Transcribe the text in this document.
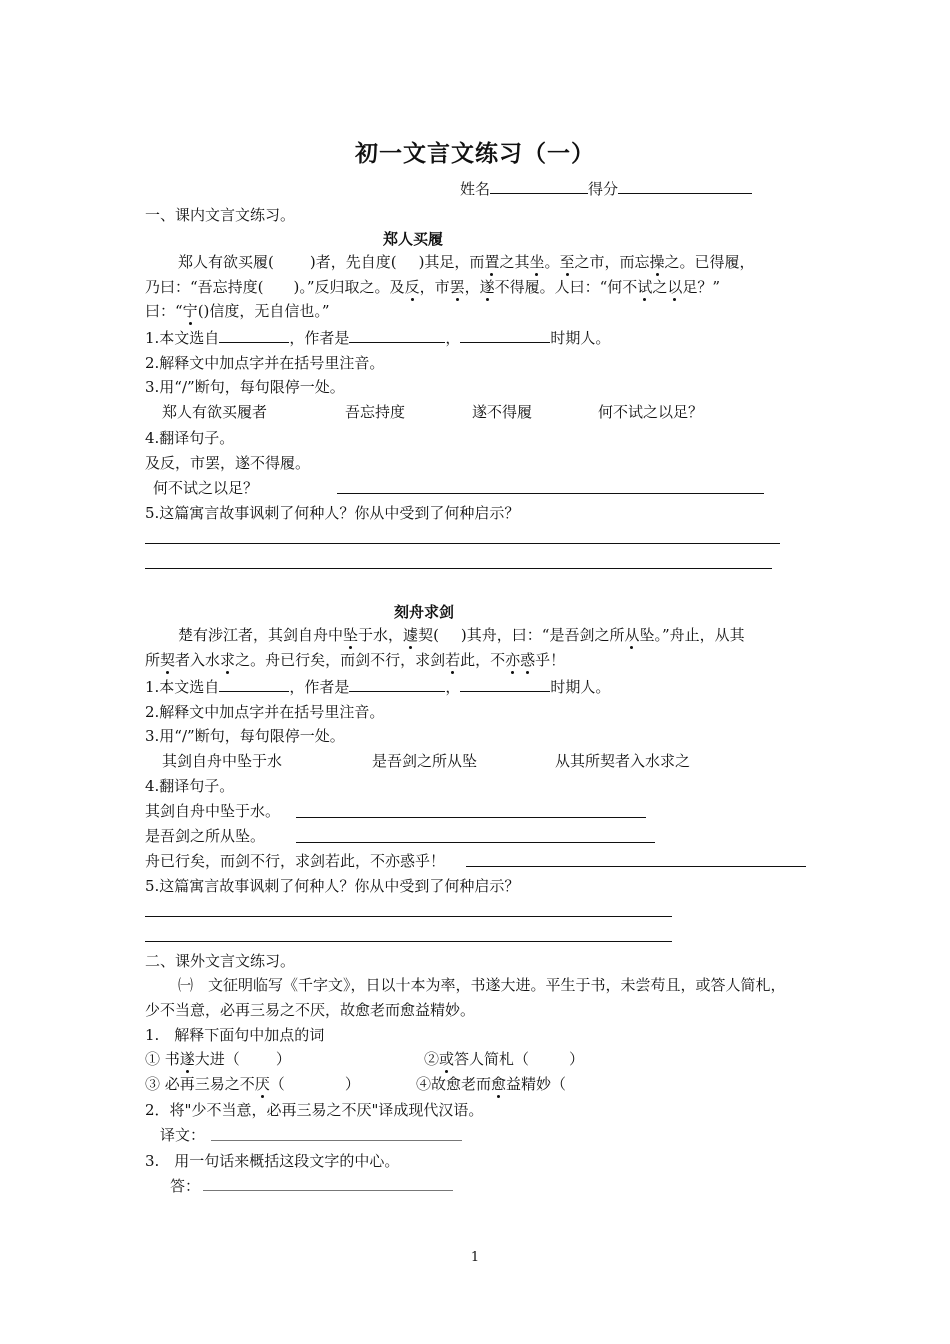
初一文言文练习（一）
姓名	得分
一、课内文言文练习。
郑人买履
郑人有欲买履( )者，先自度( )其足，而置之其坐。至之市，而忘操之。已得履，
乃曰：“吾忘持度( )。”反归取之。及反，市罢，遂不得履。人曰：“何不试之以足？”
曰：“宁()信度，无自信也。”
1.本文选自	，作者是	，	时期人。
2.解释文中加点字并在括号里注音。
3.用“/”断句，每句限停一处。
郑人有欲买履者	吾忘持度	遂不得履	何不试之以足？
4.翻译句子。
及反，市罢，遂不得履。
何不试之以足？
5.这篇寓言故事讽刺了何种人？你从中受到了何种启示？
刻舟求剑
楚有涉江者，其剑自舟中坠于水，遽契( )其舟，曰：“是吾剑之所从坠。”舟止，从其
所契者入水求之。舟已行矣，而剑不行，求剑若此，不亦惑乎！
1.本文选自	，作者是	，	时期人。
2.解释文中加点字并在括号里注音。
3.用“/”断句，每句限停一处。
其剑自舟中坠于水	是吾剑之所从坠	从其所契者入水求之
4.翻译句子。
其剑自舟中坠于水。
是吾剑之所从坠。
舟已行矣，而剑不行，求剑若此，不亦惑乎！
5.这篇寓言故事讽刺了何种人？你从中受到了何种启示？
二、课外文言文练习。
㈠　文征明临写《千字文》，日以十本为率，书遂大进。平生于书，未尝苟且，或答人简札，
少不当意，必再三易之不厌，故愈老而愈益精妙。
1.　解释下面句中加点的词
① 书遂大进（ ）	②或答人简札（	）
③ 必再三易之不厌（	）	④故愈老而愈益精妙（
2．将"少不当意，必再三易之不厌"译成现代汉语。
译文：
3.　用一句话来概括这段文字的中心。
答：
1
